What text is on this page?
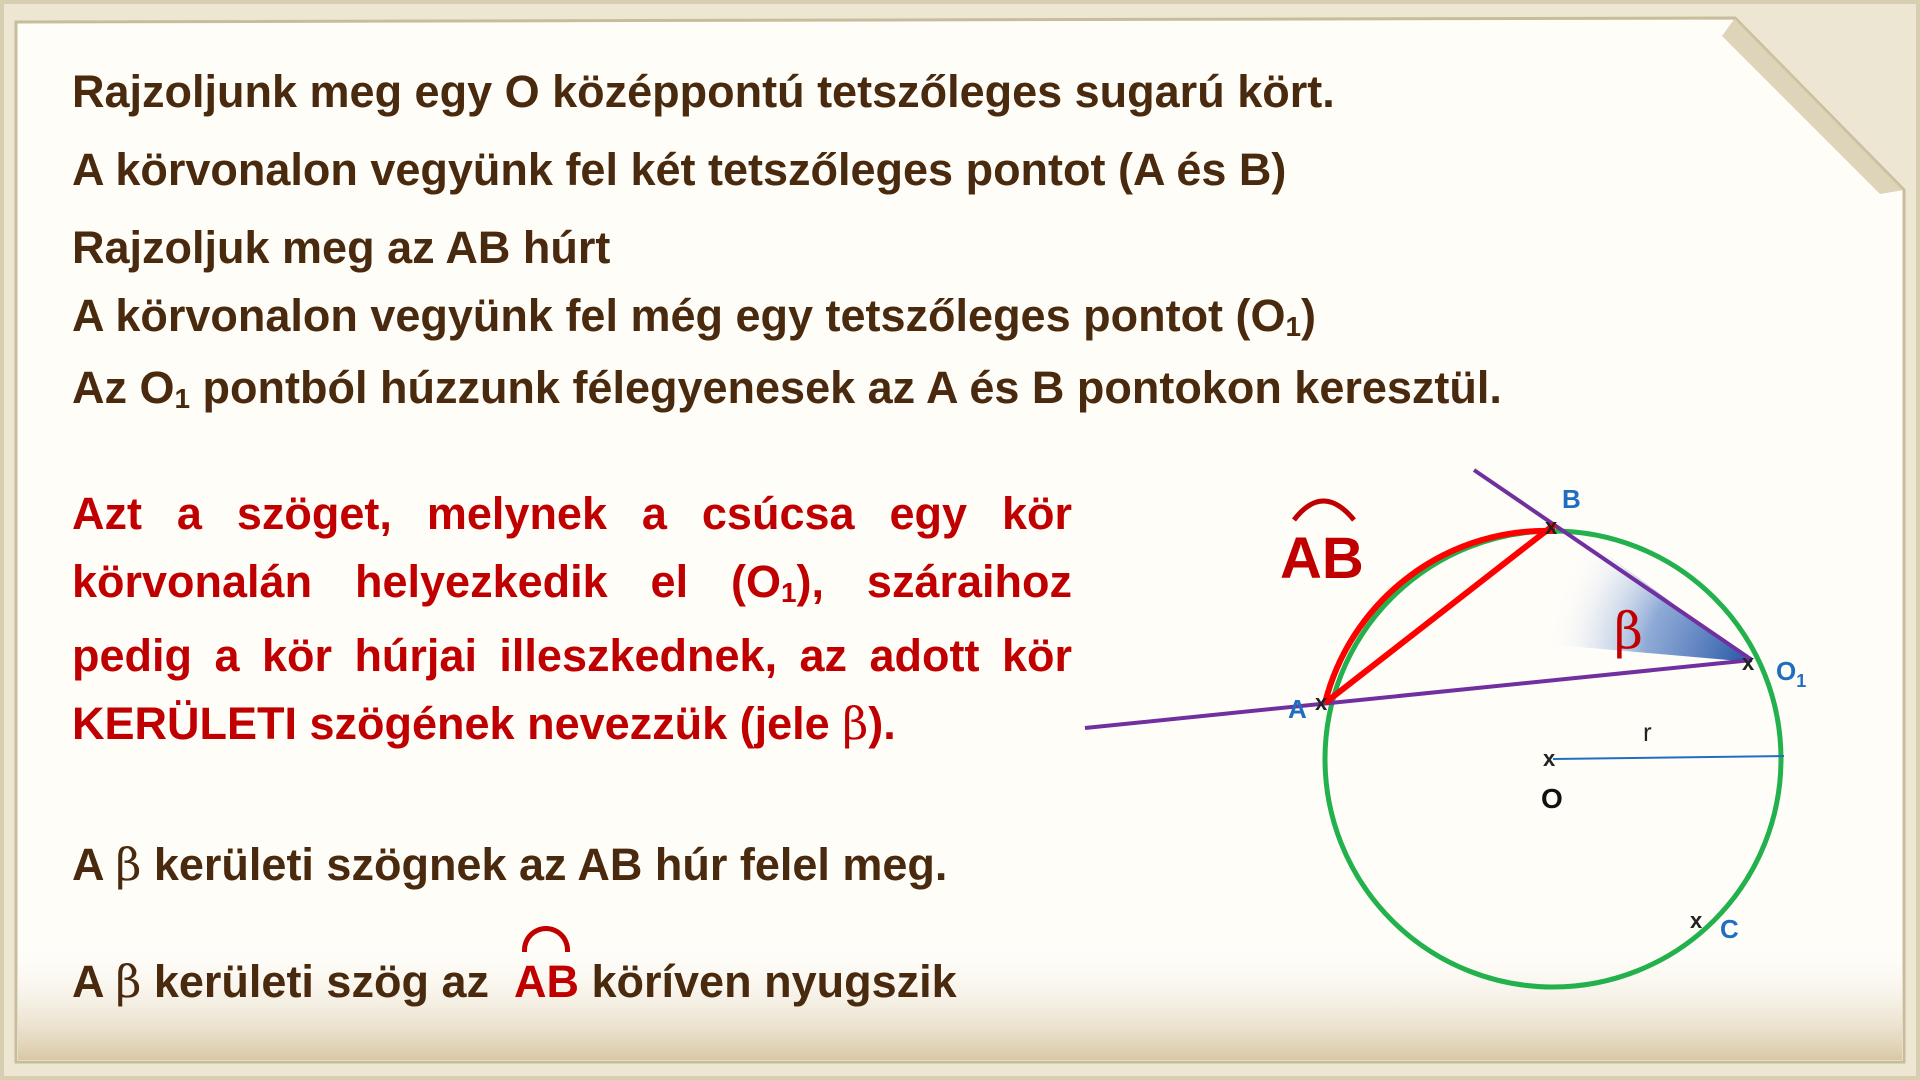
Rajzoljunk meg egy O középpontú tetszőleges sugarú kört.

A körvonalon vegyünk fel két tetszőleges pontot (A és B)

Rajzoljuk meg az AB húrt

A körvonalon vegyünk fel még egy tetszőleges pontot $(O_1)$

Az $O_1$ pontból húzzunk félegyenesek az A és B pontokon keresztül.

Azt a szöget, melynek a csúcsa egy kör körvonalán helyezkedik el $(O_1)$, száraihoz pedig a kör húrjai illeszkednek, az adott kör KERÜLETI szögének nevezzük (jele β).

A β kerületi szögnek az AB húr felel meg.

A β kerületi szög az
AB köríven nyugszik

AB
β
x
B
x
A
x $O_1$
x
O
r
x C
